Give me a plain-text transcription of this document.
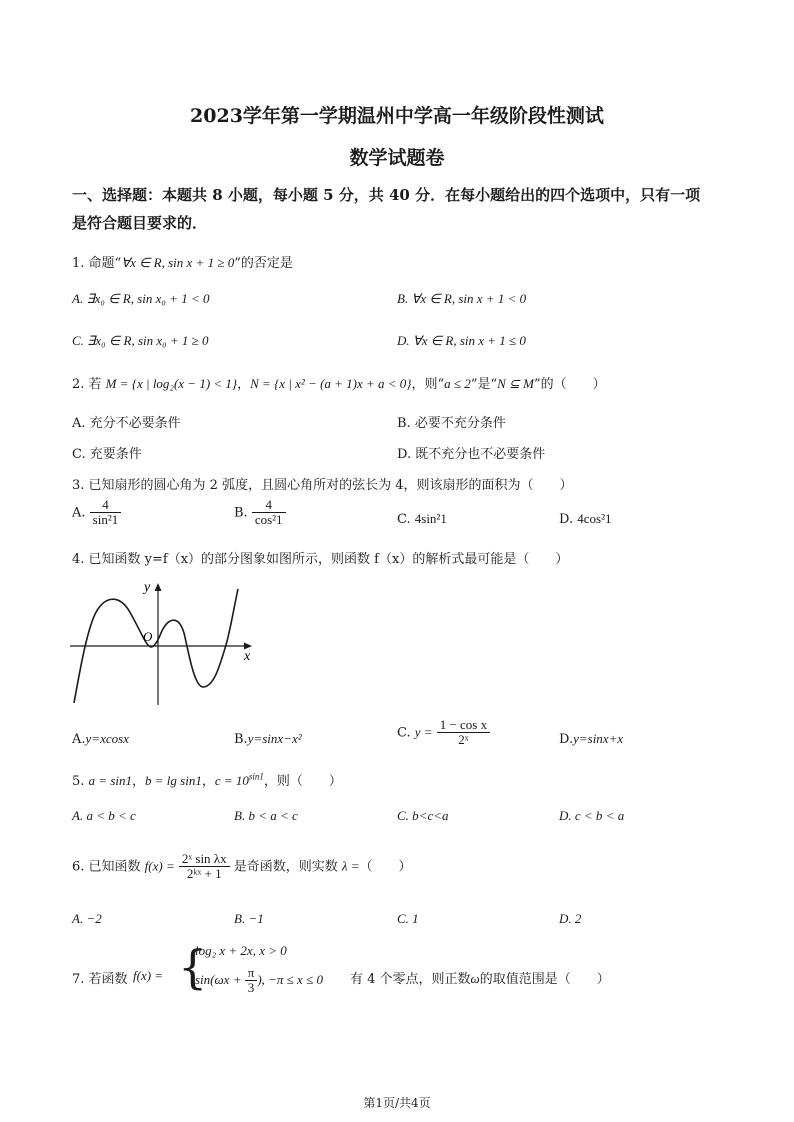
2023学年第一学期温州中学高一年级阶段性测试
数学试题卷
一、选择题：本题共 8 小题，每小题 5 分，共 40 分．在每小题给出的四个选项中，只有一项
是符合题目要求的．
1. 命题“∀x ∈ R, sin x + 1 ≥ 0”的否定是
A. ∃x₀ ∈ R, sin x₀ + 1 < 0	B. ∀x ∈ R, sin x + 1 < 0
C. ∃x₀ ∈ R, sin x₀ + 1 ≥ 0	D. ∀x ∈ R, sin x + 1 ≤ 0
2. 若 M = {x | log₂(x − 1) < 1}，N = {x | x² − (a + 1)x + a < 0}，则“a ≤ 2”是“N ⊆ M”的（　　）
A. 充分不必要条件	B. 必要不充分条件
C. 充要条件	D. 既不充分也不必要条件
3. 已知扇形的圆心角为 2 弧度，且圆心角所对的弦长为 4，则该扇形的面积为（　　）
A. $\frac{4}{\text{sin²1}}$	B. $\frac{4}{\text{cos²1}}$	C. 4sin²1	D. 4cos²1
4. 已知函数 y=f（x）的部分图象如图所示，则函数 f（x）的解析式最可能是（　　）
y
x
O
A.y=xcosx	B.y=sinx−x²	C. $y = \frac{\text{1 − cos x}}{\text{2ˣ}}$	D.y=sinx+x
5. a = sin1，b = lg sin1，$c = 10^{sin1}$，则（　　）
A. a < b < c	B. b < a < c	C. b<c<a	D. c < b < a
6. 已知函数 $f(x) = \frac{\text{2ˣ sin λx}}{\text{2ᵏˣ + 1}}$ 是奇函数，则实数 λ =（　　）
A. −2	B. −1	C. 1	D. 2
7. 若函数 f(x) = {
log₂ x + 2x, x > 0
$\sin(\omega x + \frac{\pi}{3}$ ), −π ≤ x ≤ 0 有 4 个零点，则正数ω的取值范围是（　　）
第1页/共4页
